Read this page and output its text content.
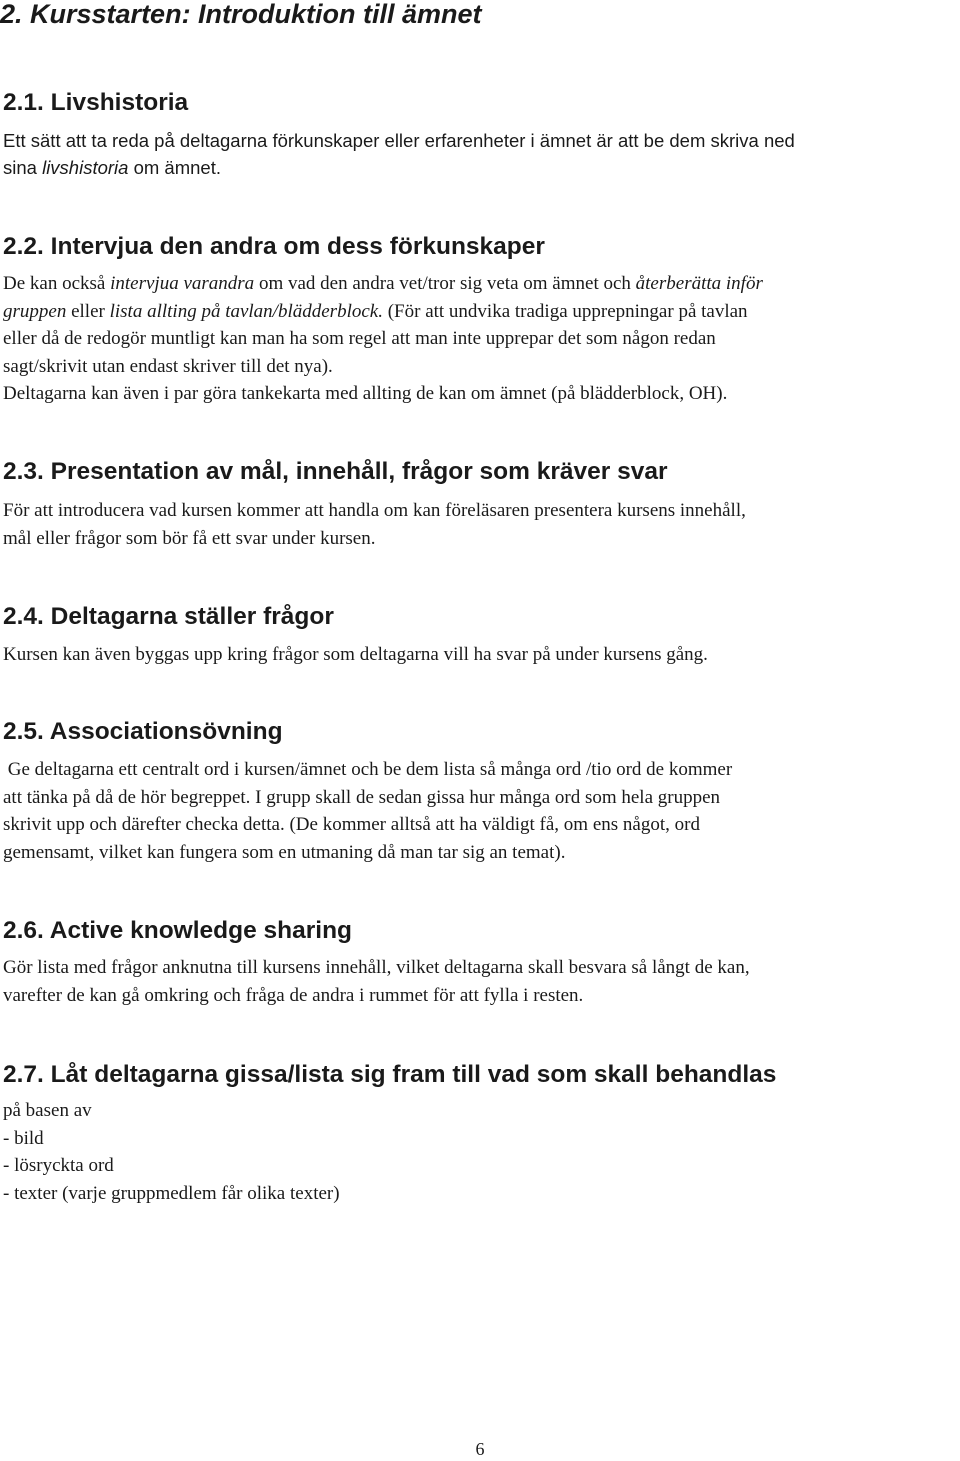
2. Kursstarten: Introduktion till ämnet
2.1. Livshistoria

Ett sätt att ta reda på deltagarna förkunskaper eller erfarenheter i ämnet är att be dem skriva ned
sina livshistoria om ämnet.

2.2. Intervjua den andra om dess förkunskaper

De kan också intervjua varandra om vad den andra vet/tror sig veta om ämnet och återberätta inför
gruppen eller lista allting på tavlan/blädderblock. (För att undvika tradiga upprepningar på tavlan
eller då de redogör muntligt kan man ha som regel att man inte upprepar det som någon redan
sagt/skrivit utan endast skriver till det nya).
Deltagarna kan även i par göra tankekarta med allting de kan om ämnet (på blädderblock, OH).

2.3. Presentation av mål, innehåll, frågor som kräver svar

För att introducera vad kursen kommer att handla om kan föreläsaren presentera kursens innehåll,
mål eller frågor som bör få ett svar under kursen.

2.4. Deltagarna ställer frågor

Kursen kan även byggas upp kring frågor som deltagarna vill ha svar på under kursens gång.

2.5. Associationsövning

Ge deltagarna ett centralt ord i kursen/ämnet och be dem lista så många ord /tio ord de kommer
att tänka på då de hör begreppet. I grupp skall de sedan gissa hur många ord som hela gruppen
skrivit upp och därefter checka detta. (De kommer alltså att ha väldigt få, om ens något, ord
gemensamt, vilket kan fungera som en utmaning då man tar sig an temat).

2.6. Active knowledge sharing

Gör lista med frågor anknutna till kursens innehåll, vilket deltagarna skall besvara så långt de kan,
varefter de kan gå omkring och fråga de andra i rummet för att fylla i resten.

2.7. Låt deltagarna gissa/lista sig fram till vad som skall behandlas

på basen av
- bild
- lösryckta ord
- texter (varje gruppmedlem får olika texter)

6
